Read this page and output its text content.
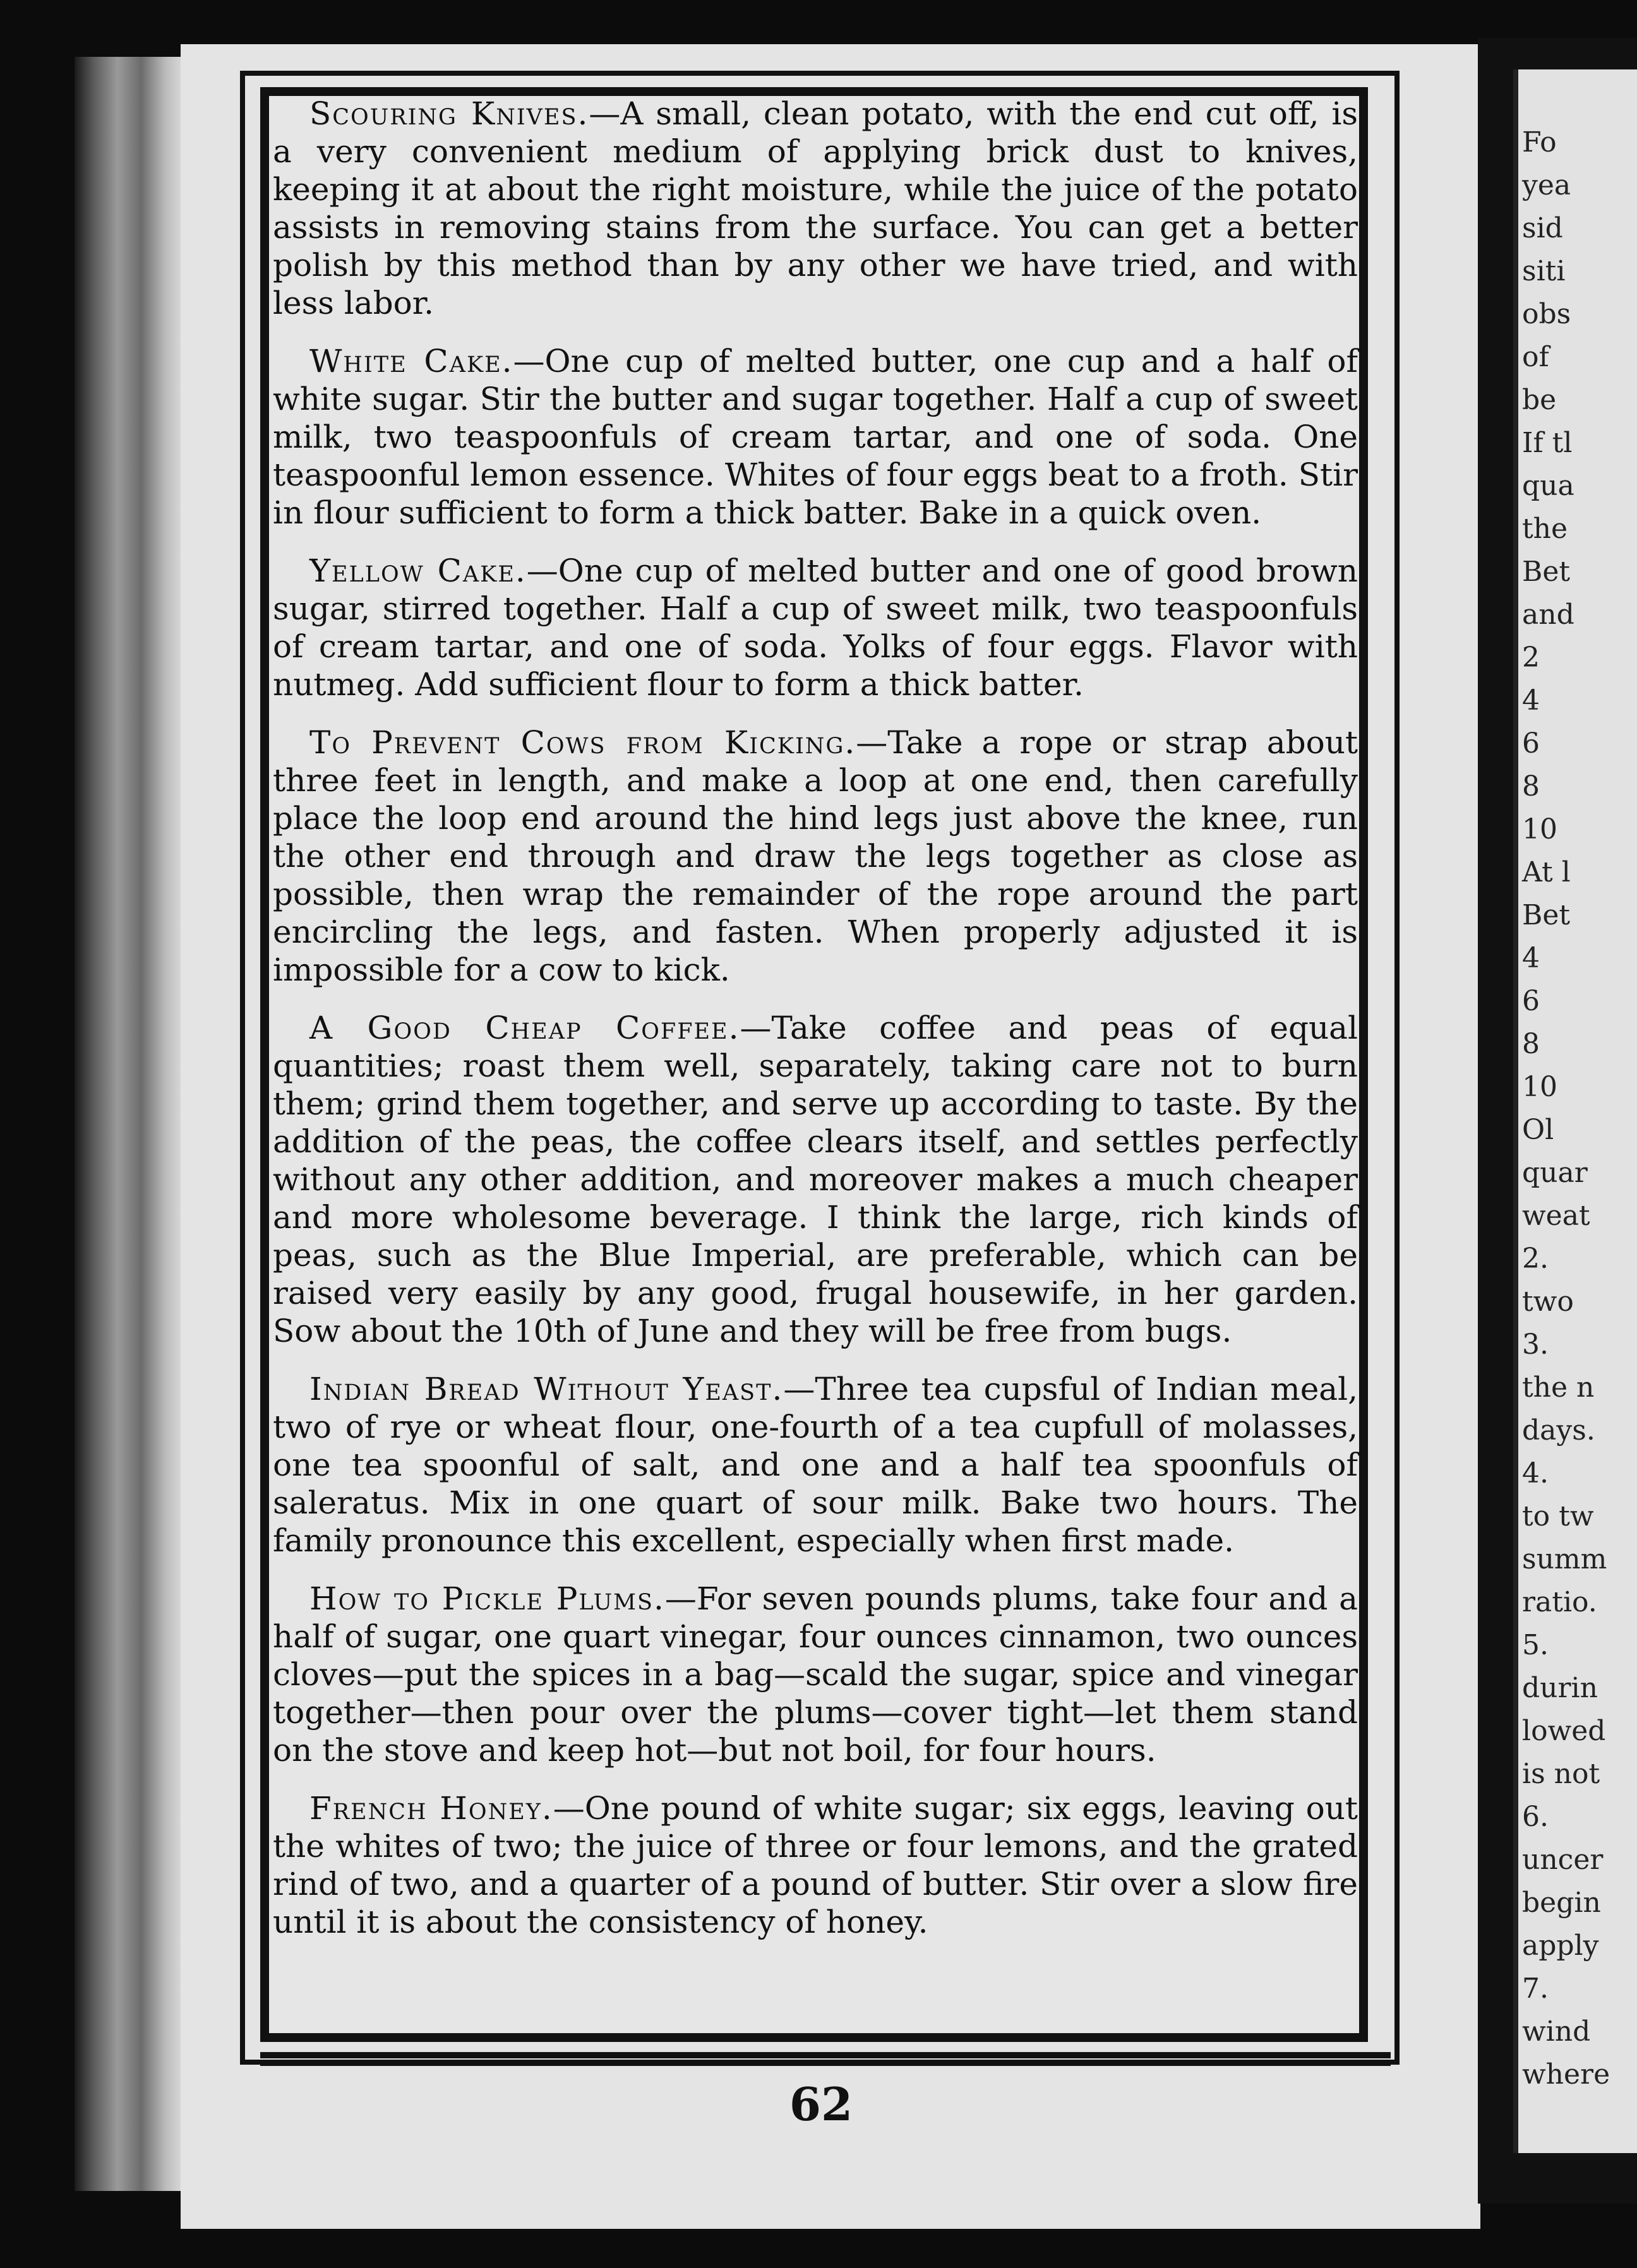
Scouring Knives.—A small, clean potato, with the end cut off, is a very convenient medium of applying brick dust to knives, keeping it at about the right moisture, while the juice of the potato assists in removing stains from the surface. You can get a better polish by this method than by any other we have tried, and with less labor.

White Cake.—One cup of melted butter, one cup and a half of white sugar. Stir the butter and sugar together. Half a cup of sweet milk, two teaspoonfuls of cream tartar, and one of soda. One teaspoonful lemon essence. Whites of four eggs beat to a froth. Stir in flour sufficient to form a thick batter. Bake in a quick oven.

Yellow Cake.—One cup of melted butter and one of good brown sugar, stirred together. Half a cup of sweet milk, two teaspoonfuls of cream tartar, and one of soda. Yolks of four eggs. Flavor with nutmeg. Add sufficient flour to form a thick batter.

To Prevent Cows from Kicking.—Take a rope or strap about three feet in length, and make a loop at one end, then carefully place the loop end around the hind legs just above the knee, run the other end through and draw the legs together as close as possible, then wrap the remainder of the rope around the part encircling the legs, and fasten. When properly adjusted it is impossible for a cow to kick.

A Good Cheap Coffee.—Take coffee and peas of equal quantities; roast them well, separately, taking care not to burn them; grind them together, and serve up according to taste. By the addition of the peas, the coffee clears itself, and settles perfectly without any other addition, and moreover makes a much cheaper and more wholesome beverage. I think the large, rich kinds of peas, such as the Blue Imperial, are preferable, which can be raised very easily by any good, frugal housewife, in her garden. Sow about the 10th of June and they will be free from bugs.

Indian Bread Without Yeast.—Three tea cupsful of Indian meal, two of rye or wheat flour, one-fourth of a tea cupfull of molasses, one tea spoonful of salt, and one and a half tea spoonfuls of saleratus. Mix in one quart of sour milk. Bake two hours. The family pronounce this excellent, especially when first made.

How to Pickle Plums.—For seven pounds plums, take four and a half of sugar, one quart vinegar, four ounces cinnamon, two ounces cloves—put the spices in a bag—scald the sugar, spice and vinegar together—then pour over the plums—cover tight—let them stand on the stove and keep hot—but not boil, for four hours.

French Honey.—One pound of white sugar; six eggs, leaving out the whites of two; the juice of three or four lemons, and the grated rind of two, and a quarter of a pound of butter. Stir over a slow fire until it is about the consistency of honey.

62
Fo
yea
sid
siti
obs
of
be
If tl
qua
the
Bet
and
2
4
6
8
10
At l
Bet
4
6
8
10
Ol
quar
weat
2.
two
3.
the n
days.
4.
to tw
summ
ratio.
5.
durin
lowed
is not
6.
uncer
begin
apply
7.
wind
where
